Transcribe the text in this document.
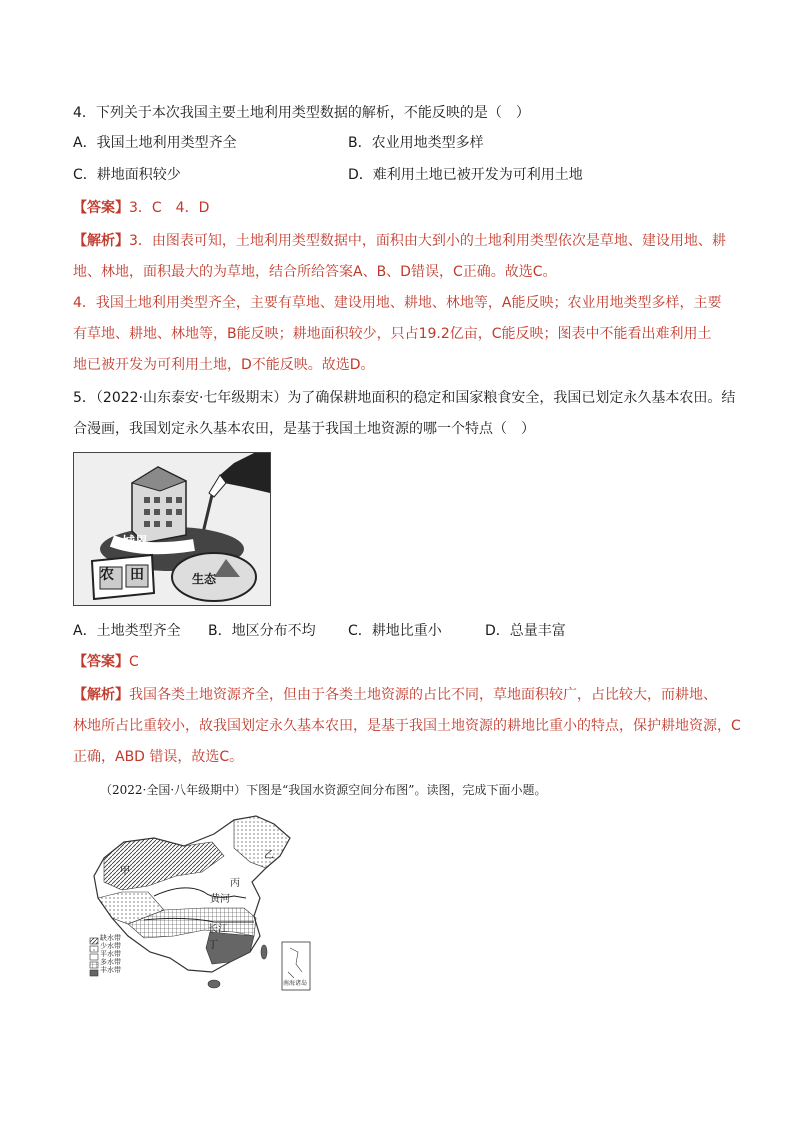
4．下列关于本次我国主要土地利用类型数据的解析，不能反映的是（　）
A．我国土地利用类型齐全	B．农业用地类型多样
C．耕地面积较少	D．难利用土地已被开发为可利用土地
【答案】3．C　4．D
【解析】3．由图表可知，土地利用类型数据中，面积由大到小的土地利用类型依次是草地、建设用地、耕
地、林地，面积最大的为草地，结合所给答案A、B、D错误，C正确。故选C。
4．我国土地利用类型齐全，主要有草地、建设用地、耕地、林地等，A能反映；农业用地类型多样，主要
有草地、耕地、林地等，B能反映；耕地面积较少，只占19.2亿亩，C能反映；图表中不能看出难利用土
地已被开发为可利用土地，D不能反映。故选D。
5．（2022·山东泰安·七年级期末）为了确保耕地面积的稳定和国家粮食安全，我国已划定永久基本农田。结
合漫画，我国划定永久基本农田，是基于我国土地资源的哪一个特点（　）
城界
农　田	生态
A．土地类型齐全 B．地区分布不均 C．耕地比重小	D．总量丰富
【答案】C
【解析】我国各类土地资源齐全，但由于各类土地资源的占比不同，草地面积较广，占比较大，而耕地、
林地所占比重较小，故我国划定永久基本农田，是基于我国土地资源的耕地比重小的特点，保护耕地资源，C
正确，ABD 错误，故选C。
（2022·全国·八年级期中）下图是“我国水资源空间分布图”。读图，完成下面小题。
甲
乙
丙
丁
黄河
长江
缺水带
少水带
平水带
多水带
丰水带
南海诸岛
